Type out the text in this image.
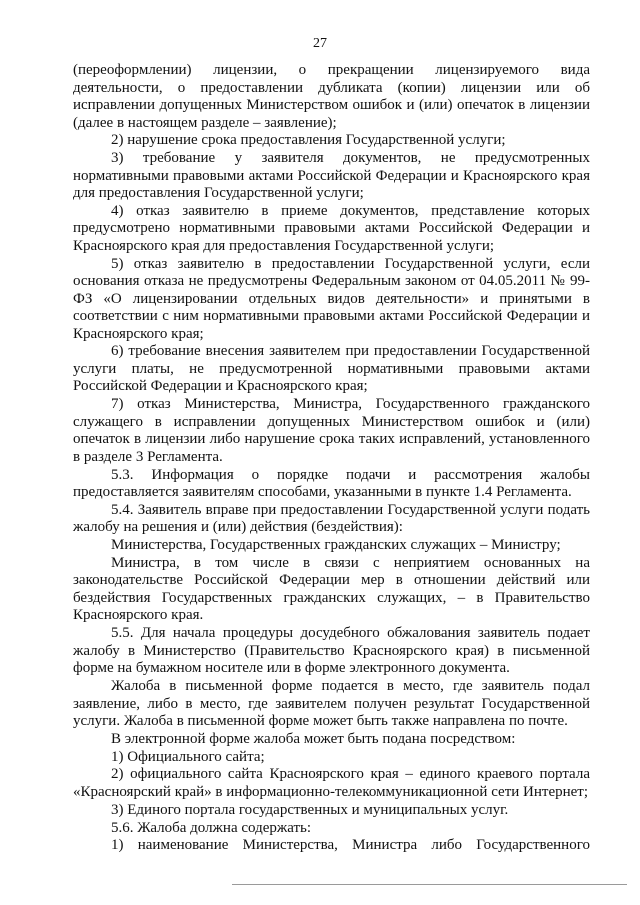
27

(переоформлении) лицензии, о прекращении лицензируемого вида деятельности, о предоставлении дубликата (копии) лицензии или об исправлении допущенных Министерством ошибок и (или) опечаток в лицензии (далее в настоящем разделе – заявление);

2) нарушение срока предоставления Государственной услуги;

3) требование у заявителя документов, не предусмотренных нормативными правовыми актами Российской Федерации и Красноярского края для предоставления Государственной услуги;

4) отказ заявителю в приеме документов, представление которых предусмотрено нормативными правовыми актами Российской Федерации и Красноярского края для предоставления Государственной услуги;

5) отказ заявителю в предоставлении Государственной услуги, если основания отказа не предусмотрены Федеральным законом от 04.05.2011 № 99-ФЗ «О лицензировании отдельных видов деятельности» и принятыми в соответствии с ним нормативными правовыми актами Российской Федерации и Красноярского края;

6) требование внесения заявителем при предоставлении Государственной услуги платы, не предусмотренной нормативными правовыми актами Российской Федерации и Красноярского края;

7) отказ Министерства, Министра, Государственного гражданского служащего в исправлении допущенных Министерством ошибок и (или) опечаток в лицензии либо нарушение срока таких исправлений, установленного в разделе 3 Регламента.

5.3. Информация о порядке подачи и рассмотрения жалобы предоставляется заявителям способами, указанными в пункте 1.4 Регламента.

5.4. Заявитель вправе при предоставлении Государственной услуги подать жалобу на решения и (или) действия (бездействия):

Министерства, Государственных гражданских служащих – Министру;

Министра, в том числе в связи с неприятием основанных на законодательстве Российской Федерации мер в отношении действий или бездействия Государственных гражданских служащих, – в Правительство Красноярского края.

5.5. Для начала процедуры досудебного обжалования заявитель подает жалобу в Министерство (Правительство Красноярского края) в письменной форме на бумажном носителе или в форме электронного документа.

Жалоба в письменной форме подается в место, где заявитель подал заявление, либо в место, где заявителем получен результат Государственной услуги. Жалоба в письменной форме может быть также направлена по почте.

В электронной форме жалоба может быть подана посредством:

1) Официального сайта;

2) официального сайта Красноярского края – единого краевого портала «Красноярский край» в информационно-телекоммуникационной сети Интернет;

3) Единого портала государственных и муниципальных услуг.

5.6. Жалоба должна содержать:

1) наименование Министерства, Министра либо Государственного
